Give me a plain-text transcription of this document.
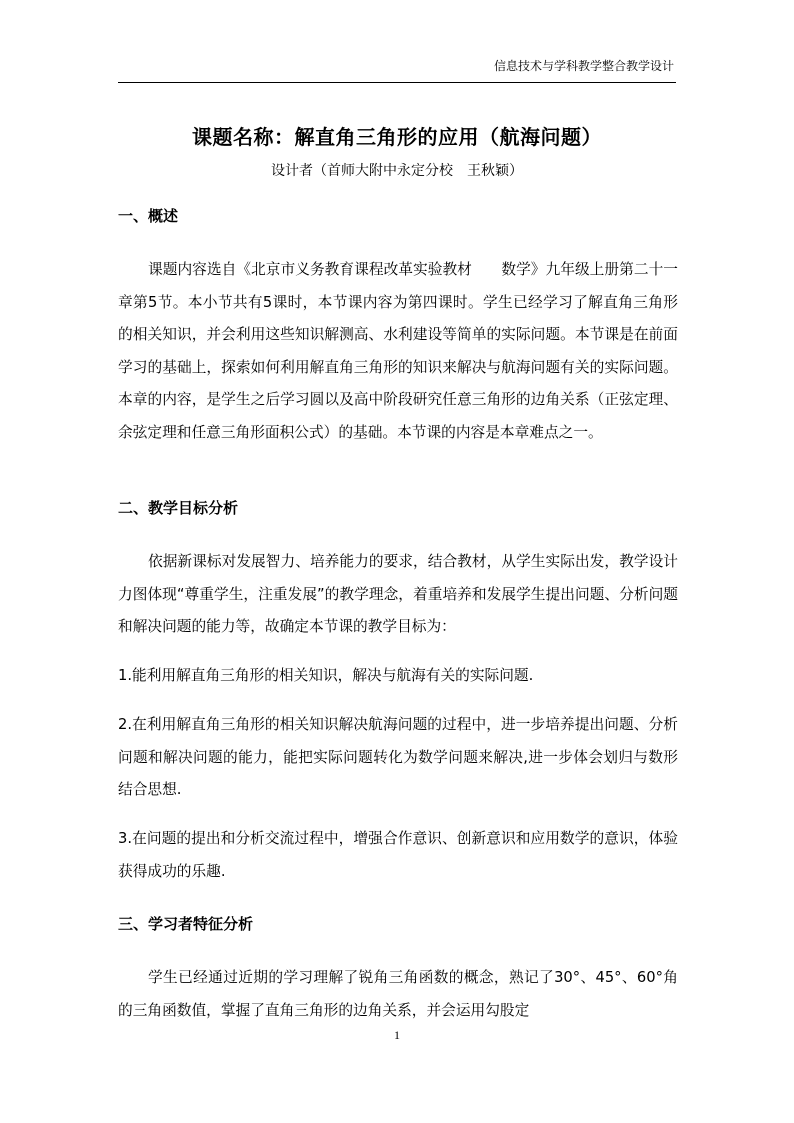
信息技术与学科教学整合教学设计
课题名称：解直角三角形的应用（航海问题）
设计者（首师大附中永定分校　王秋颖）
一、概述

课题内容选自《北京市义务教育课程改革实验教材　　数学》九年级上册第二十一章第5节。本小节共有5课时，本节课内容为第四课时。学生已经学习了解直角三角形的相关知识，并会利用这些知识解测高、水利建设等简单的实际问题。本节课是在前面学习的基础上，探索如何利用解直角三角形的知识来解决与航海问题有关的实际问题。本章的内容，是学生之后学习圆以及高中阶段研究任意三角形的边角关系（正弦定理、余弦定理和任意三角形面积公式）的基础。本节课的内容是本章难点之一。

二、教学目标分析

依据新课标对发展智力、培养能力的要求，结合教材，从学生实际出发，教学设计力图体现“尊重学生，注重发展”的教学理念，着重培养和发展学生提出问题、分析问题和解决问题的能力等，故确定本节课的教学目标为：

1.能利用解直角三角形的相关知识，解决与航海有关的实际问题.

2.在利用解直角三角形的相关知识解决航海问题的过程中，进一步培养提出问题、分析问题和解决问题的能力，能把实际问题转化为数学问题来解决,进一步体会划归与数形结合思想.

3.在问题的提出和分析交流过程中，增强合作意识、创新意识和应用数学的意识，体验获得成功的乐趣.

三、学习者特征分析

学生已经通过近期的学习理解了锐角三角函数的概念，熟记了30°、45°、60°角的三角函数值，掌握了直角三角形的边角关系，并会运用勾股定

1
